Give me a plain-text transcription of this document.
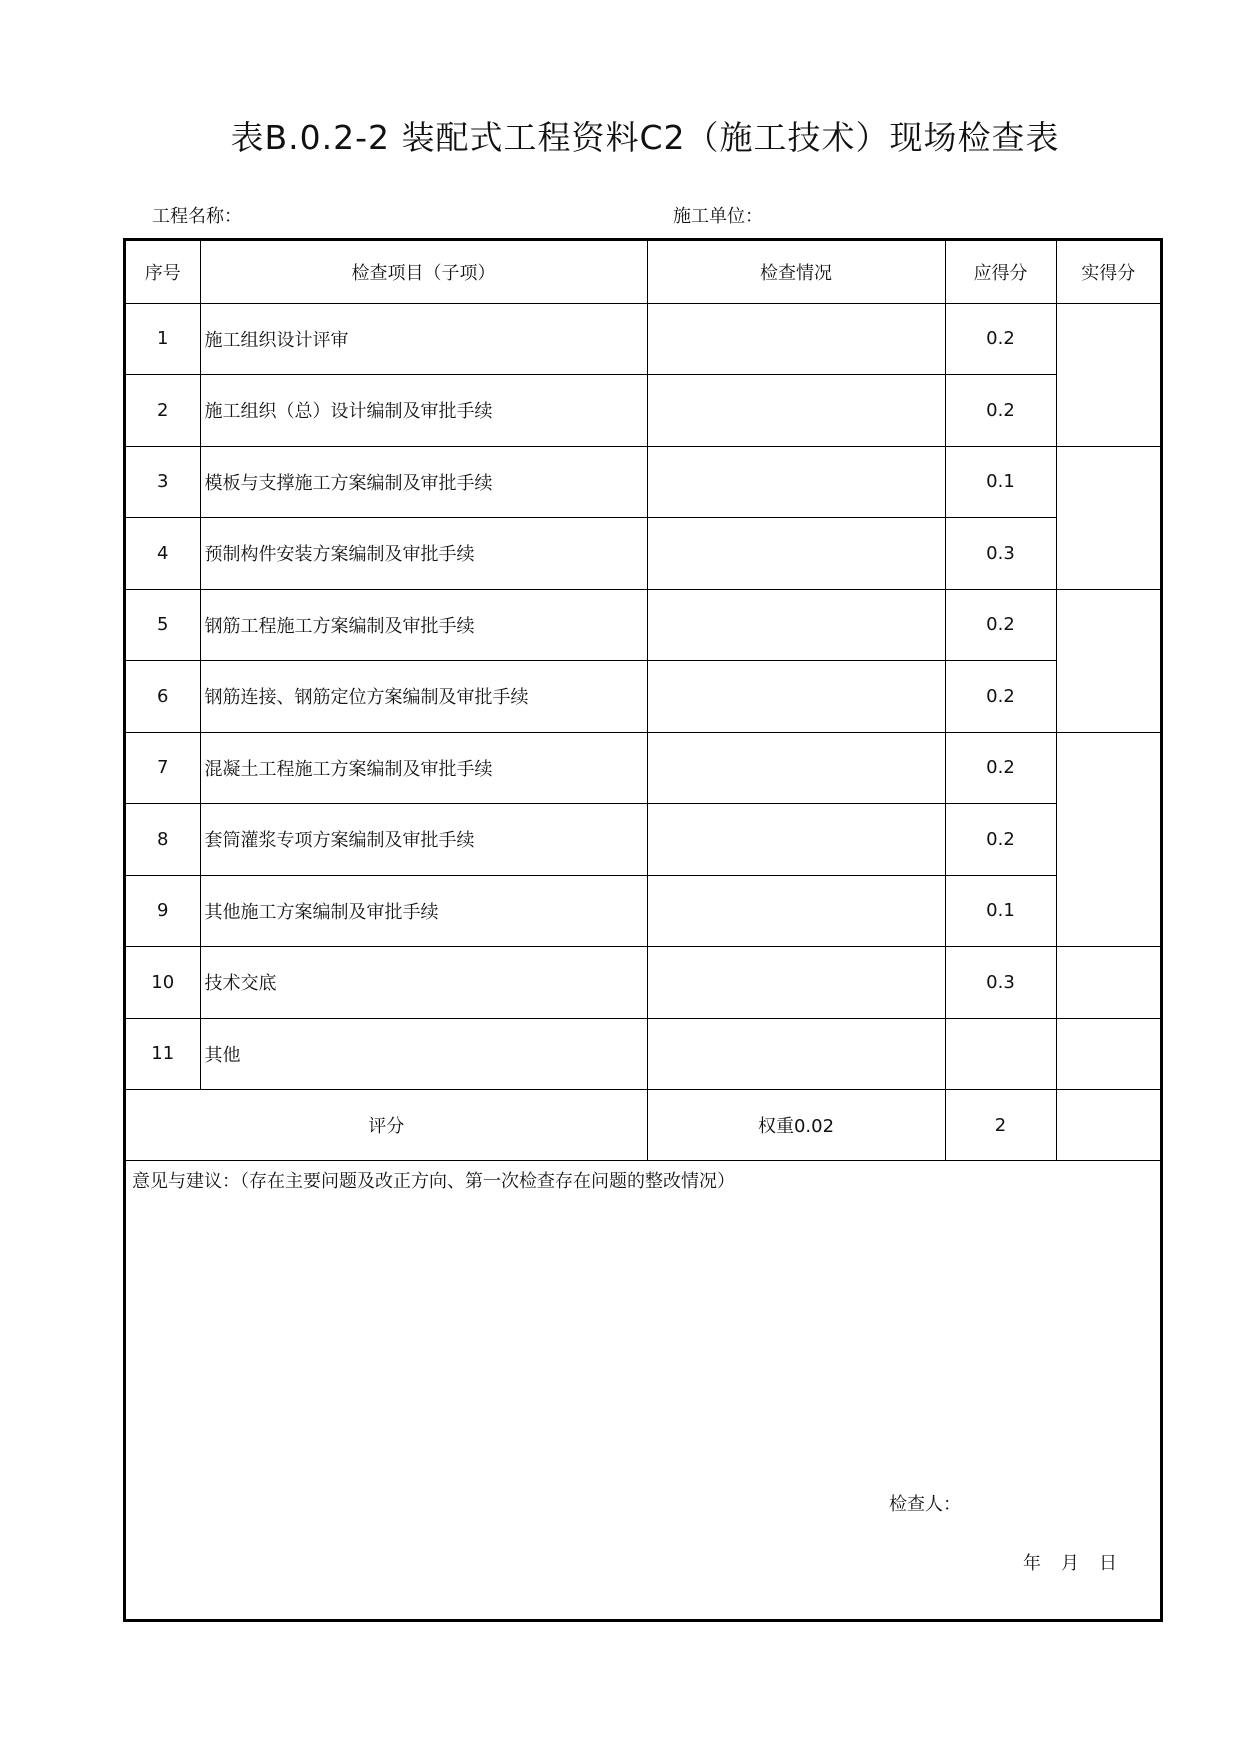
表B.0.2-2 装配式工程资料C2（施工技术）现场检查表
工程名称：	施工单位：
序号	检查项目（子项）	检查情况	应得分	实得分
1	施工组织设计评审		0.2	
2	施工组织（总）设计编制及审批手续		0.2	
3	模板与支撑施工方案编制及审批手续		0.1	
4	预制构件安装方案编制及审批手续		0.3	
5	钢筋工程施工方案编制及审批手续		0.2	
6	钢筋连接、钢筋定位方案编制及审批手续		0.2	
7	混凝土工程施工方案编制及审批手续		0.2	
8	套筒灌浆专项方案编制及审批手续		0.2	
9	其他施工方案编制及审批手续		0.1	
10	技术交底		0.3	
11	其他			
评分		权重0.02	2	
意见与建议：（存在主要问题及改正方向、第一次检查存在问题的整改情况）
检查人：
年 月 日
